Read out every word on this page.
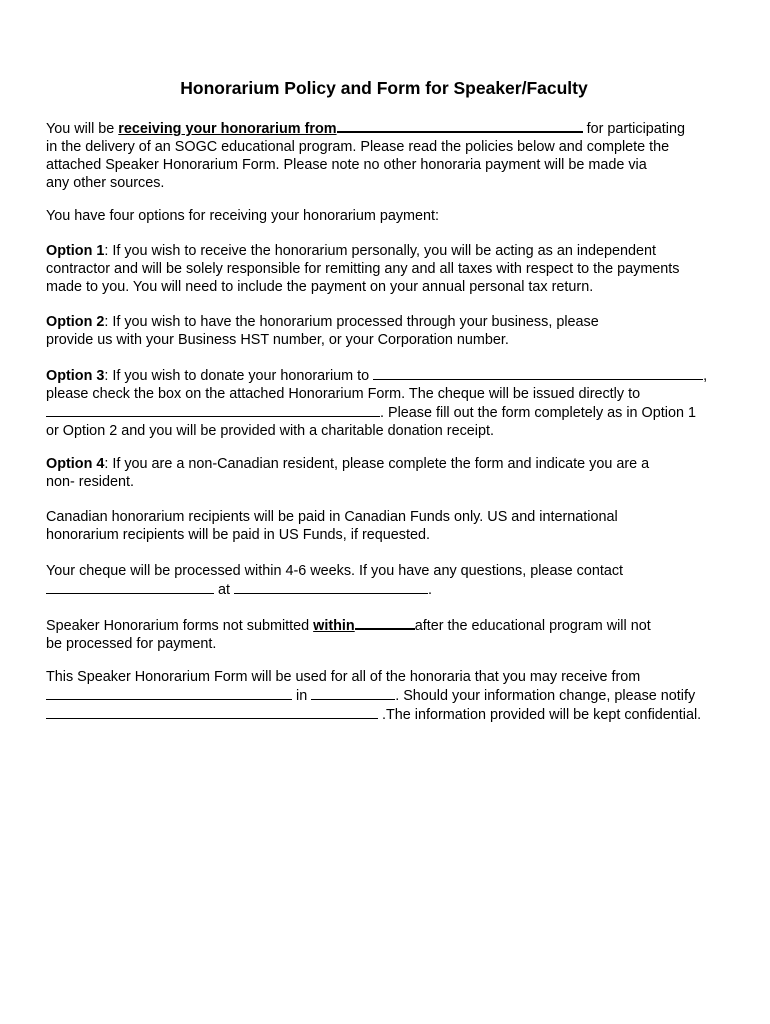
Honorarium Policy and Form for Speaker/Faculty
You will be receiving your honorarium from	for participating
in the delivery of an SOGC educational program. Please read the policies below and complete the
attached Speaker Honorarium Form. Please note no other honoraria payment will be made via
any other sources.
You have four options for receiving your honorarium payment:
Option 1: If you wish to receive the honorarium personally, you will be acting as an independent
contractor and will be solely responsible for remitting any and all taxes with respect to the payments
made to you. You will need to include the payment on your annual personal tax return.
Option 2: If you wish to have the honorarium processed through your business, please
provide us with your Business HST number, or your Corporation number.
Option 3: If you wish to donate your honorarium to	,
please check the box on the attached Honorarium Form. The cheque will be issued directly to
. Please fill out the form completely as in Option 1
or Option 2 and you will be provided with a charitable donation receipt.
Option 4: If you are a non-Canadian resident, please complete the form and indicate you are a
non- resident.
Canadian honorarium recipients will be paid in Canadian Funds only. US and international
honorarium recipients will be paid in US Funds, if requested.
Your cheque will be processed within 4-6 weeks. If you have any questions, please contact
at	.
Speaker Honorarium forms not submitted within	after the educational program will not
be processed for payment.
This Speaker Honorarium Form will be used for all of the honoraria that you may receive from
in	. Should your information change, please notify
.The information provided will be kept confidential.
